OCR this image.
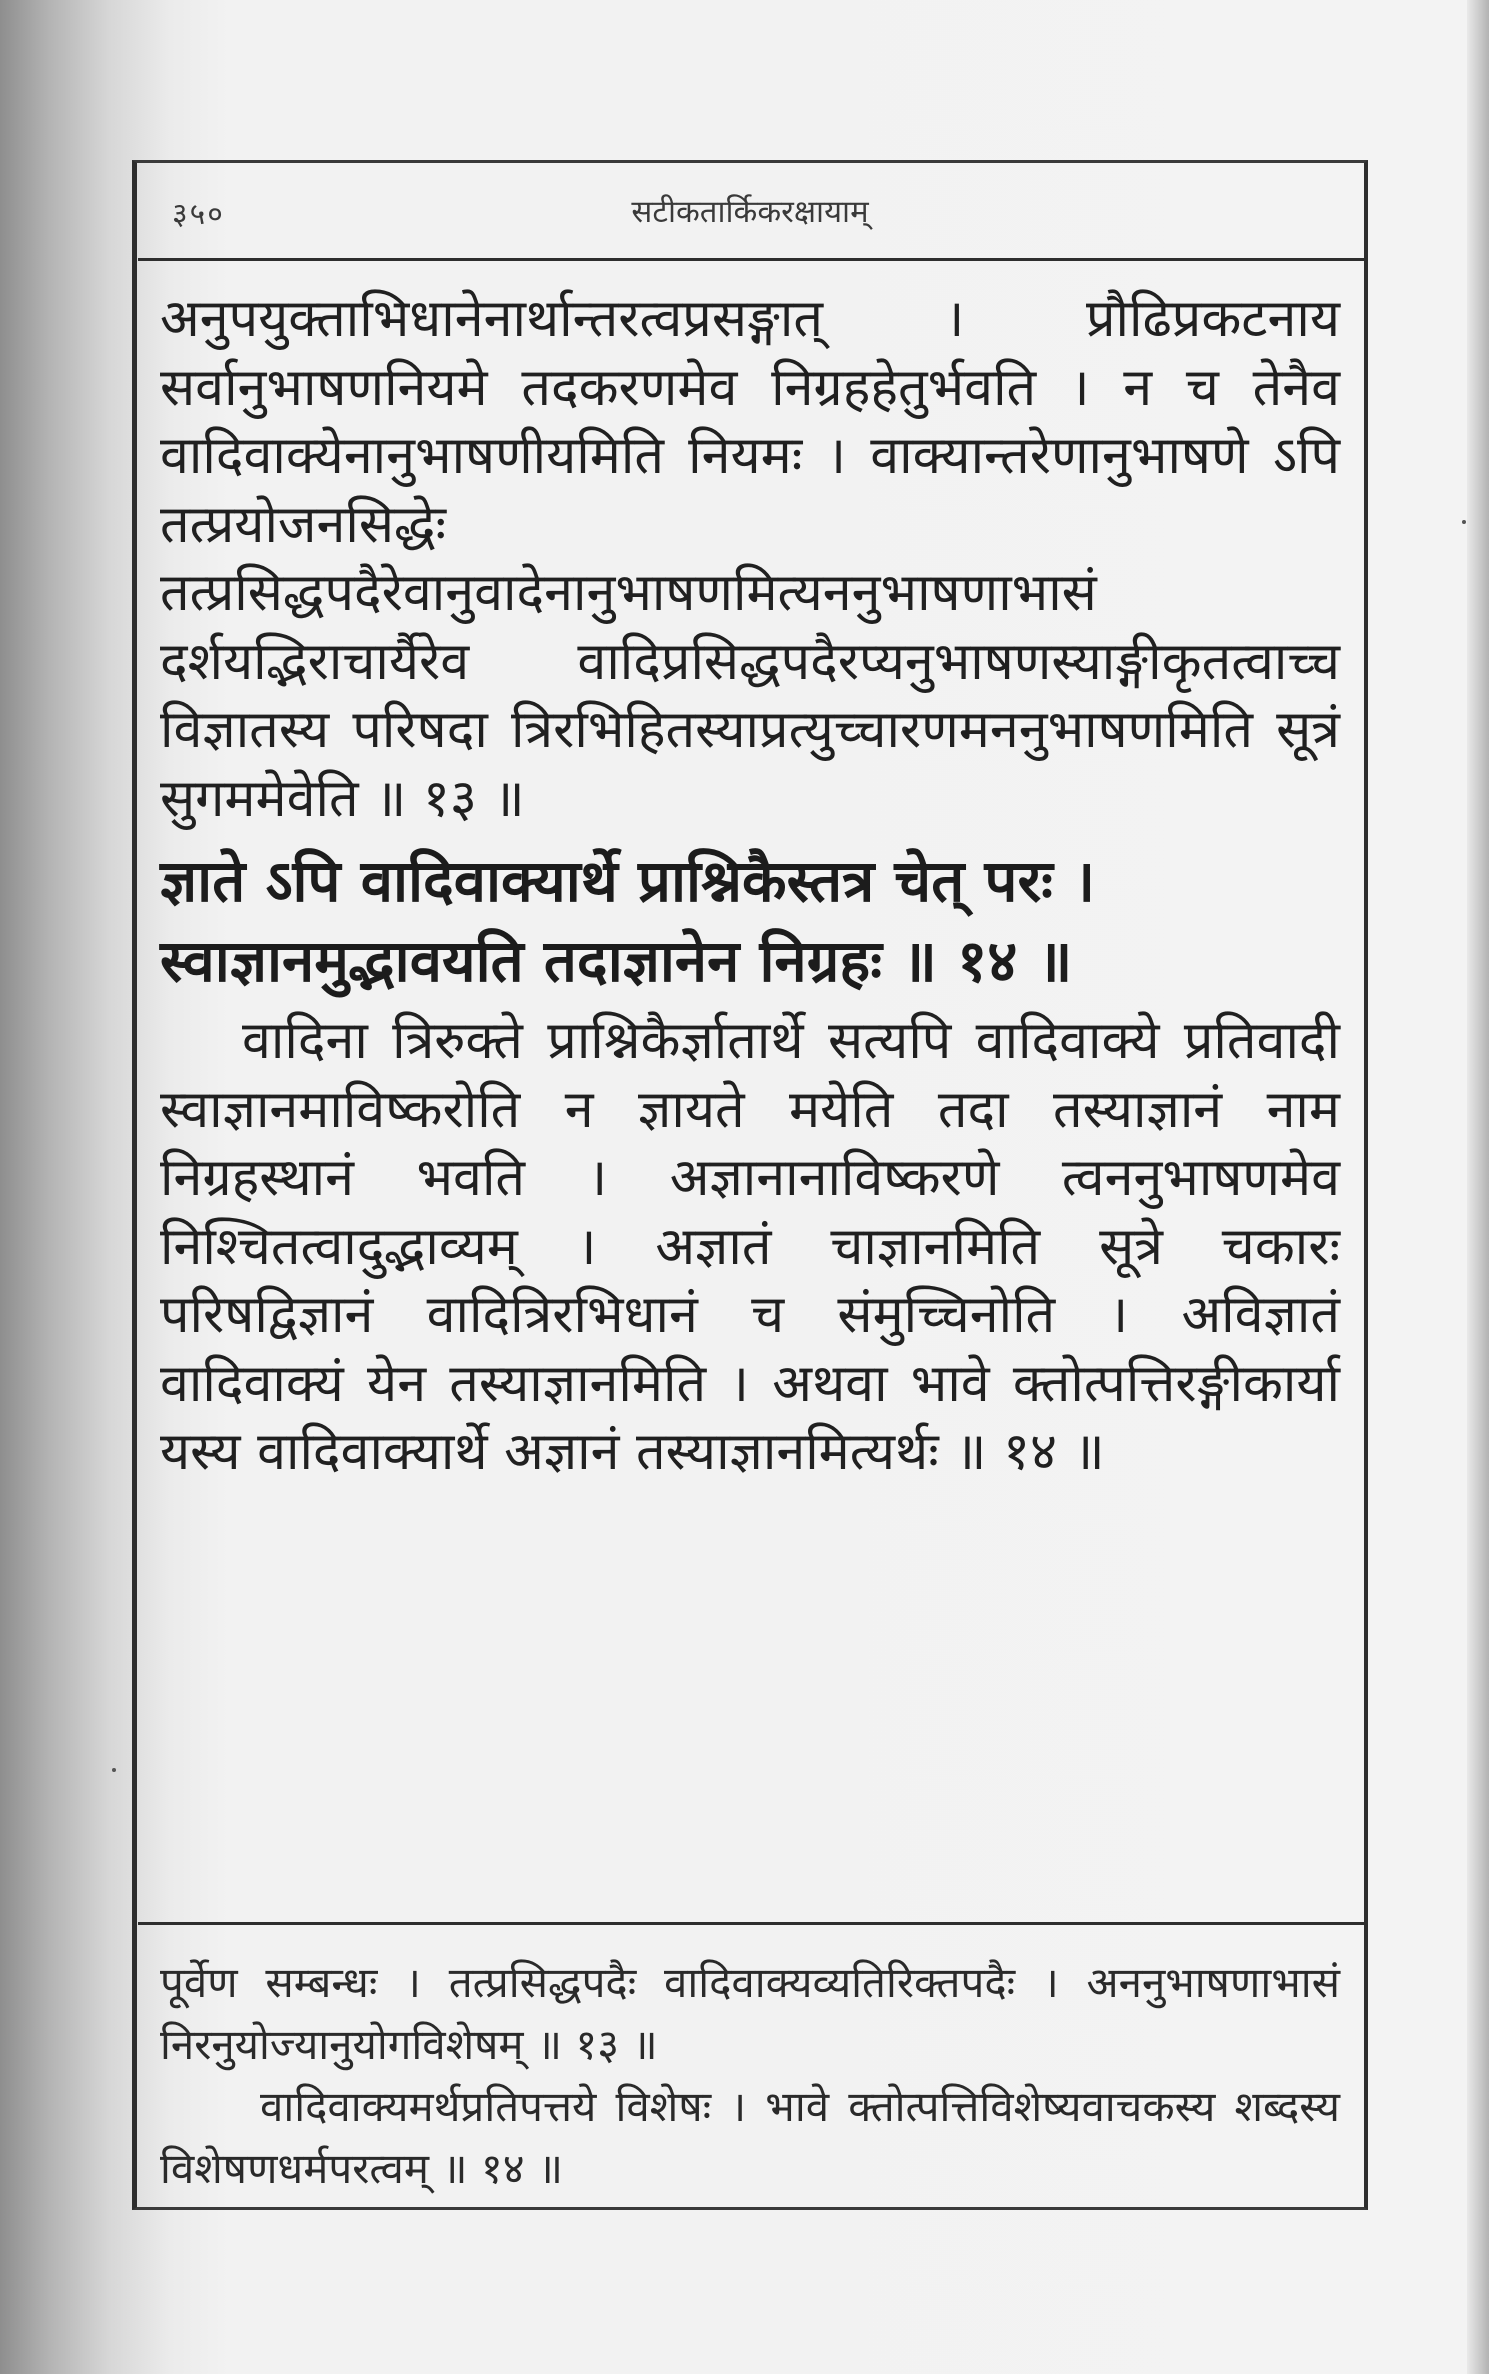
३५०	सटीकतार्किकरक्षायाम्

अनुपयुक्ताभिधानेनार्थान्तरत्वप्रसङ्गात् । प्रौढिप्रकटनाय सर्वानुभाषणनियमे तदकरणमेव निग्रहहेतुर्भवति । न च तेनैव वादिवाक्येनानुभाषणीयमिति नियमः । वाक्यान्तरेणानुभाषणे ऽपि तत्प्रयोजनसिद्धेः तत्प्रसिद्धपदैरेवानुवादेनानुभाषणमित्यननुभाषणाभासं दर्शयद्भिराचार्यैरेव वादिप्रसिद्धपदैरप्यनुभाषणस्याङ्गीकृतत्वाच्च विज्ञातस्य परिषदा त्रिरभिहितस्याप्रत्युच्चारणमननुभाषणमिति सूत्रं सुगममेवेति ॥ १३ ॥

ज्ञाते ऽपि वादिवाक्यार्थे प्राश्निकैस्तत्र चेत् परः ।
स्वाज्ञानमुद्भावयति तदाज्ञानेन निग्रहः ॥ १४ ॥

वादिना त्रिरुक्ते प्राश्निकैर्ज्ञातार्थे सत्यपि वादिवाक्ये प्रतिवादी स्वाज्ञानमाविष्करोति न ज्ञायते मयेति तदा तस्याज्ञानं नाम निग्रहस्थानं भवति । अज्ञानानाविष्करणे त्वननुभाषणमेव निश्चितत्वादुद्भाव्यम् । अज्ञातं चाज्ञानमिति सूत्रे चकारः परिषद्विज्ञानं वादित्रिरभिधानं च संमुच्चिनोति । अविज्ञातं वादिवाक्यं येन तस्याज्ञानमिति । अथवा भावे क्तोत्पत्तिरङ्गीकार्या यस्य वादिवाक्यार्थे अज्ञानं तस्याज्ञानमित्यर्थः ॥ १४ ॥

पूर्वेण सम्बन्धः । तत्प्रसिद्धपदैः वादिवाक्यव्यतिरिक्तपदैः । अननुभाषणाभासं निरनुयोज्यानुयोगविशेषम् ॥ १३ ॥

वादिवाक्यमर्थप्रतिपत्तये विशेषः । भावे क्तोत्पत्तिविशेष्यवाचकस्य शब्दस्य विशेषणधर्मपरत्वम् ॥ १४ ॥
